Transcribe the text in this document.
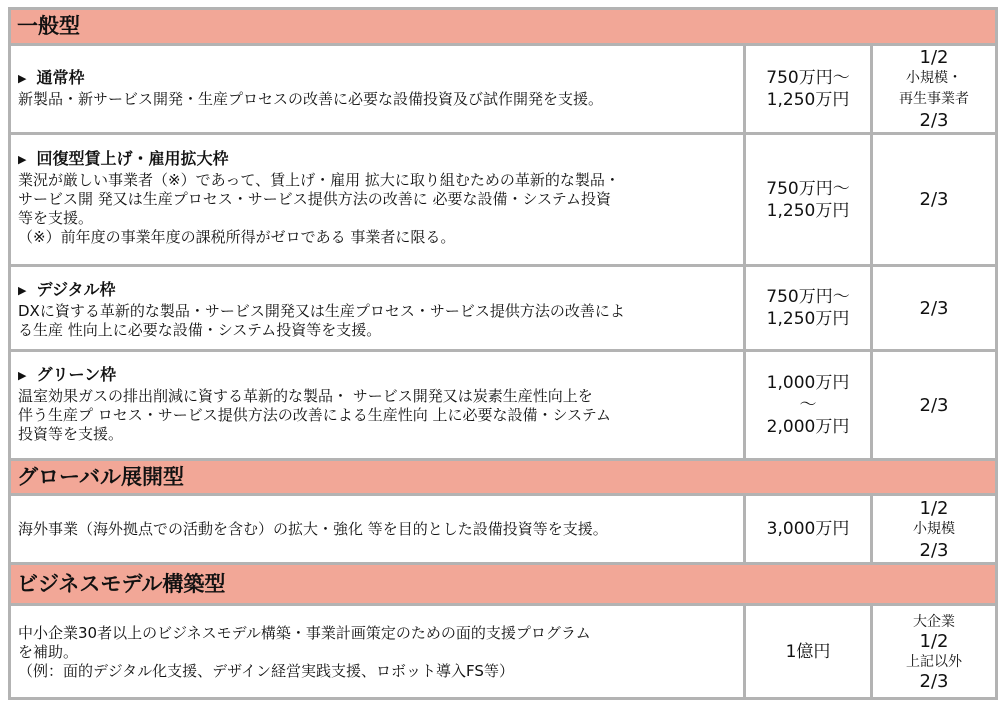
一般型
▶ 通常枠
新製品・新サービス開発・生産プロセスの改善に必要な設備投資及び試作開発を支援。
750万円～
1,250万円
1/2
小規模・
再生事業者
2/3
▶ 回復型賃上げ・雇用拡大枠
業況が厳しい事業者（※）であって、賃上げ・雇用 拡大に取り組むための革新的な製品・
サービス開 発又は生産プロセス・サービス提供方法の改善に 必要な設備・システム投資
等を支援。
（※）前年度の事業年度の課税所得がゼロである 事業者に限る。
750万円～
1,250万円
2/3
▶ デジタル枠
DXに資する革新的な製品・サービス開発又は生産プロセス・サービス提供方法の改善によ
る生産 性向上に必要な設備・システム投資等を支援。
750万円～
1,250万円
2/3
▶ グリーン枠
温室効果ガスの排出削減に資する革新的な製品・ サービス開発又は炭素生産性向上を
伴う生産プ ロセス・サービス提供方法の改善による生産性向 上に必要な設備・システム
投資等を支援。
1,000万円
～
2,000万円
2/3
グローバル展開型
海外事業（海外拠点での活動を含む）の拡大・強化 等を目的とした設備投資等を支援。	3,000万円
1/2
小規模
2/3
ビジネスモデル構築型
中小企業30者以上のビジネスモデル構築・事業計画策定のための面的支援プログラム
を補助。
（例：面的デジタル化支援、デザイン経営実践支援、ロボット導入FS等）
1億円
大企業
1/2
上記以外
2/3
